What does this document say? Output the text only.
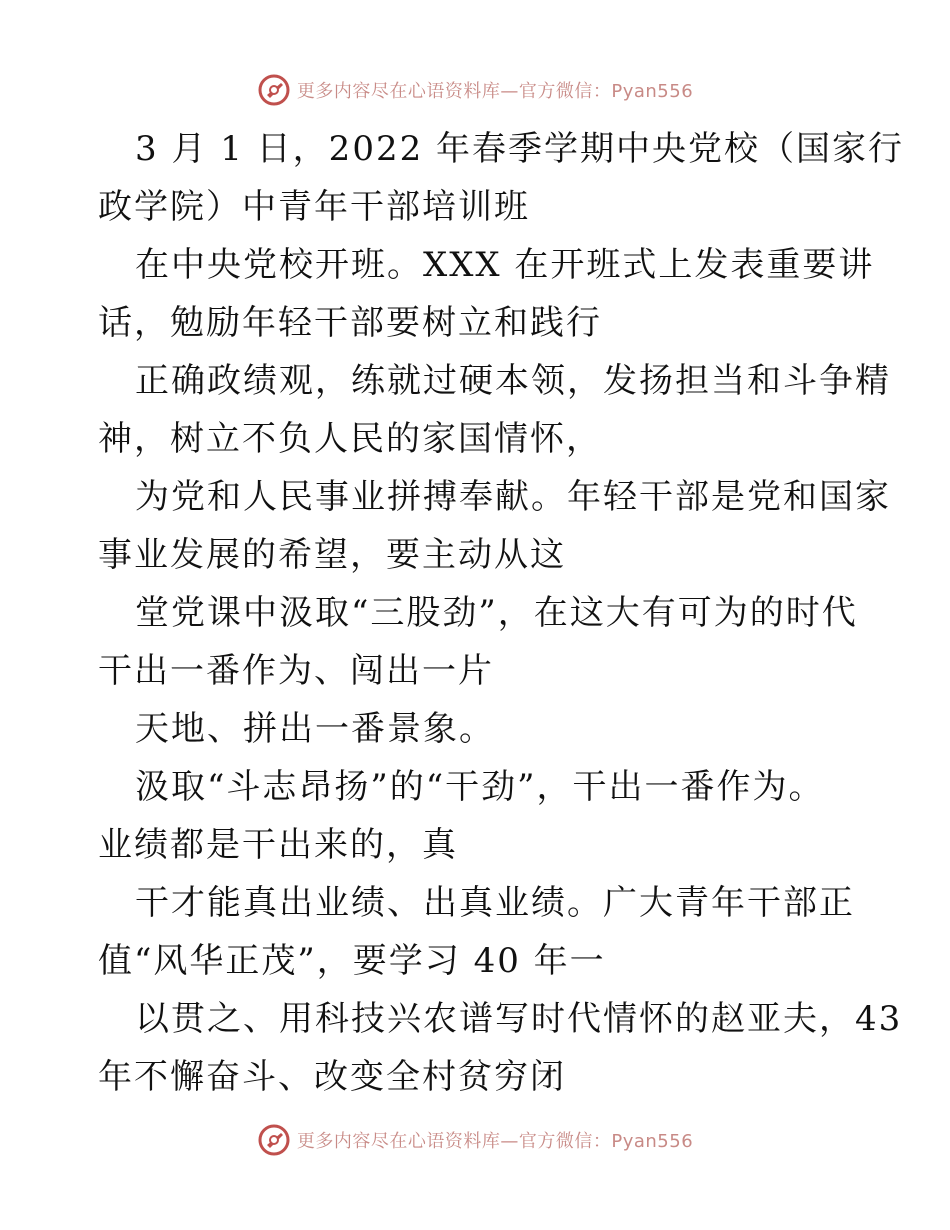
更多内容尽在心语资料库—官方微信：Pyan556

3 月 1 日，2022 年春季学期中央党校（国家行
政学院）中青年干部培训班

在中央党校开班。XXX 在开班式上发表重要讲
话，勉励年轻干部要树立和践行

正确政绩观，练就过硬本领，发扬担当和斗争精
神，树立不负人民的家国情怀，

为党和人民事业拼搏奉献。年轻干部是党和国家
事业发展的希望，要主动从这

堂党课中汲取“三股劲”，在这大有可为的时代
干出一番作为、闯出一片

天地、拼出一番景象。

汲取“斗志昂扬”的“干劲”，干出一番作为。
业绩都是干出来的，真

干才能真出业绩、出真业绩。广大青年干部正
值“风华正茂”，要学习 40 年一

以贯之、用科技兴农谱写时代情怀的赵亚夫，43
年不懈奋斗、改变全村贫穷闭

更多内容尽在心语资料库—官方微信：Pyan556
